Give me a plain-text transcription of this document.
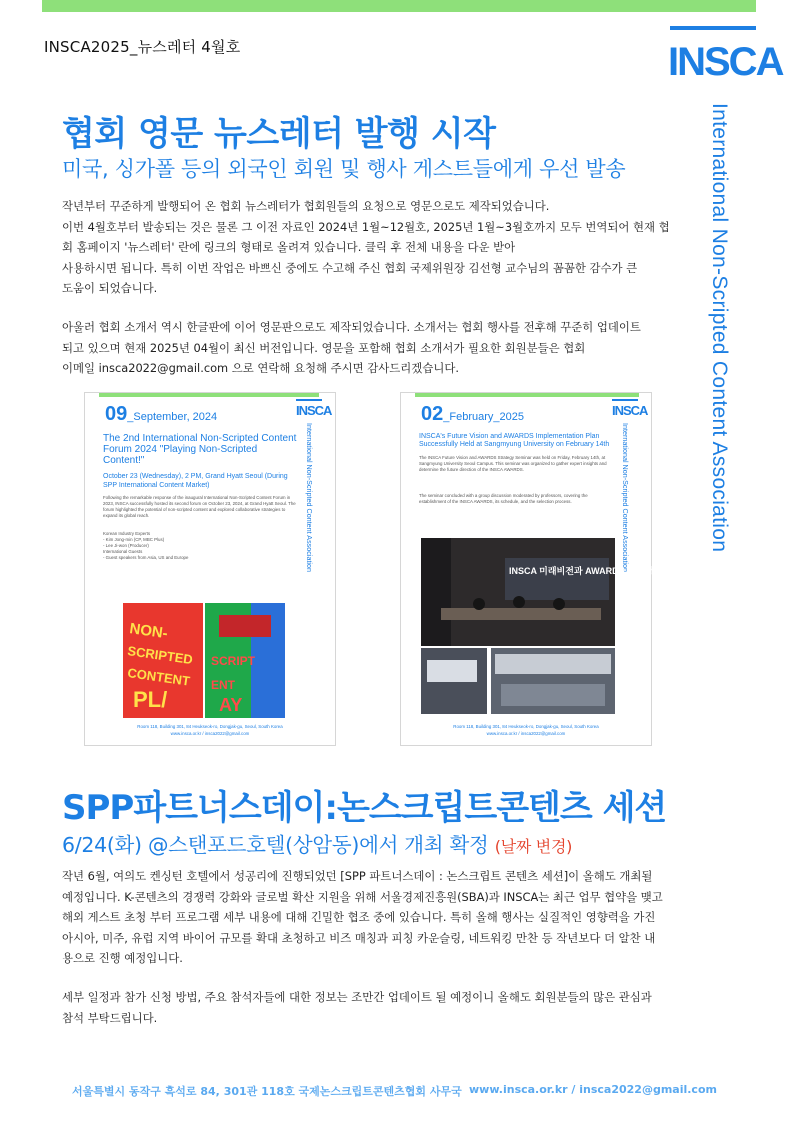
INSCA2025_뉴스레터 4월호	INSCA
International Non-Scripted Content Association
협회 영문 뉴스레터 발행 시작
미국, 싱가폴 등의 외국인 회원 및 행사 게스트들에게 우선 발송

작년부터 꾸준하게 발행되어 온 협회 뉴스레터가 협회원들의 요청으로 영문으로도 제작되었습니다.

이번 4월호부터 발송되는 것은 물론 그 이전 자료인 2024년 1월~12월호, 2025년 1월~3월호까지 모두 번역되어 현재 협

회 홈페이지 '뉴스레터' 란에 링크의 형태로 올려져 있습니다. 클릭 후 전체 내용을 다운 받아

사용하시면 됩니다. 특히 이번 작업은 바쁘신 중에도 수고해 주신 협회 국제위원장 김선형 교수님의 꼼꼼한 감수가 큰

도움이 되었습니다.

아울러 협회 소개서 역시 한글판에 이어 영문판으로도 제작되었습니다. 소개서는 협회 행사를 전후해 꾸준히 업데이트

되고 있으며 현재 2025년 04월이 최신 버전입니다. 영문을 포함해 협회 소개서가 필요한 회원분들은 협회

이메일 insca2022@gmail.com 으로 연락해 요청해 주시면 감사드리겠습니다.

09_September, 2024	INSCA
International Non-Scripted Content Association
The 2nd International Non-Scripted Content Forum 2024 "Playing Non-Scripted Content!"
October 23 (Wednesday), 2 PM, Grand Hyatt Seoul (During SPP International Content Market)
Following the remarkable response of the inaugural International Non-Scripted Content Forum in 2023, INSCA successfully hosted its second forum on October 23, 2024, at Grand Hyatt Seoul. The forum highlighted the potential of non-scripted content and explored collaborative strategies to expand its global reach.
Korean Industry Experts
- Kim Jong-min (CP, MBC Plus)
- Lee Ji-won (Producer)
International Guests
- Guest speakers from Asia, US and Europe
NON-
SCRIPTED
CONTENT
PL/
SCRIPT
ENT
AY
Room 118, Building 301, 84 Heukseok-ro, Dongjak-gu, Seoul, South Korea
www.insca.or.kr / insca2022@gmail.com
02_February_2025	INSCA
International Non-Scripted Content Association
INSCA's Future Vision and AWARDS Implementation Plan Successfully Held at Sangmyung University on February 14th
The INSCA Future Vision and AWARDS Strategy Seminar was held on Friday, February 14th, at Sangmyung University Seoul Campus. This seminar was organized to gather expert insights and determine the future direction of the INSCA AWARDS.
The seminar concluded with a group discussion moderated by professors, covering the establishment of the INSCA AWARDS, its schedule, and the selection process.
INSCA 미래비전과 AWARDS 추진방안
Room 118, Building 301, 84 Heukseok-ro, Dongjak-gu, Seoul, South Korea
www.insca.or.kr / insca2022@gmail.com
SPP파트너스데이:논스크립트콘텐츠 세션
6/24(화) @스탠포드호텔(상암동)에서 개최 확정 (날짜 변경)

작년 6월, 여의도 켄싱턴 호텔에서 성공리에 진행되었던 [SPP 파트너스데이 : 논스크립트 콘텐츠 세션]이 올해도 개최될

예정입니다. K-콘텐츠의 경쟁력 강화와 글로벌 확산 지원을 위해 서울경제진흥원(SBA)과 INSCA는 최근 업무 협약을 맺고

해외 게스트 초청 부터 프로그램 세부 내용에 대해 긴밀한 협조 중에 있습니다. 특히 올해 행사는 실질적인 영향력을 가진

아시아, 미주, 유럽 지역 바이어 규모를 확대 초청하고 비즈 매칭과 피칭 카운슬링, 네트워킹 만찬 등 작년보다 더 알찬 내

용으로 진행 예정입니다.

세부 일정과 참가 신청 방법, 주요 참석자들에 대한 정보는 조만간 업데이트 될 예정이니 올해도 회원분들의 많은 관심과

참석 부탁드립니다.

서울특별시 동작구 흑석로 84, 301관 118호 국제논스크립트콘텐츠협회 사무국 www.insca.or.kr / insca2022@gmail.com
